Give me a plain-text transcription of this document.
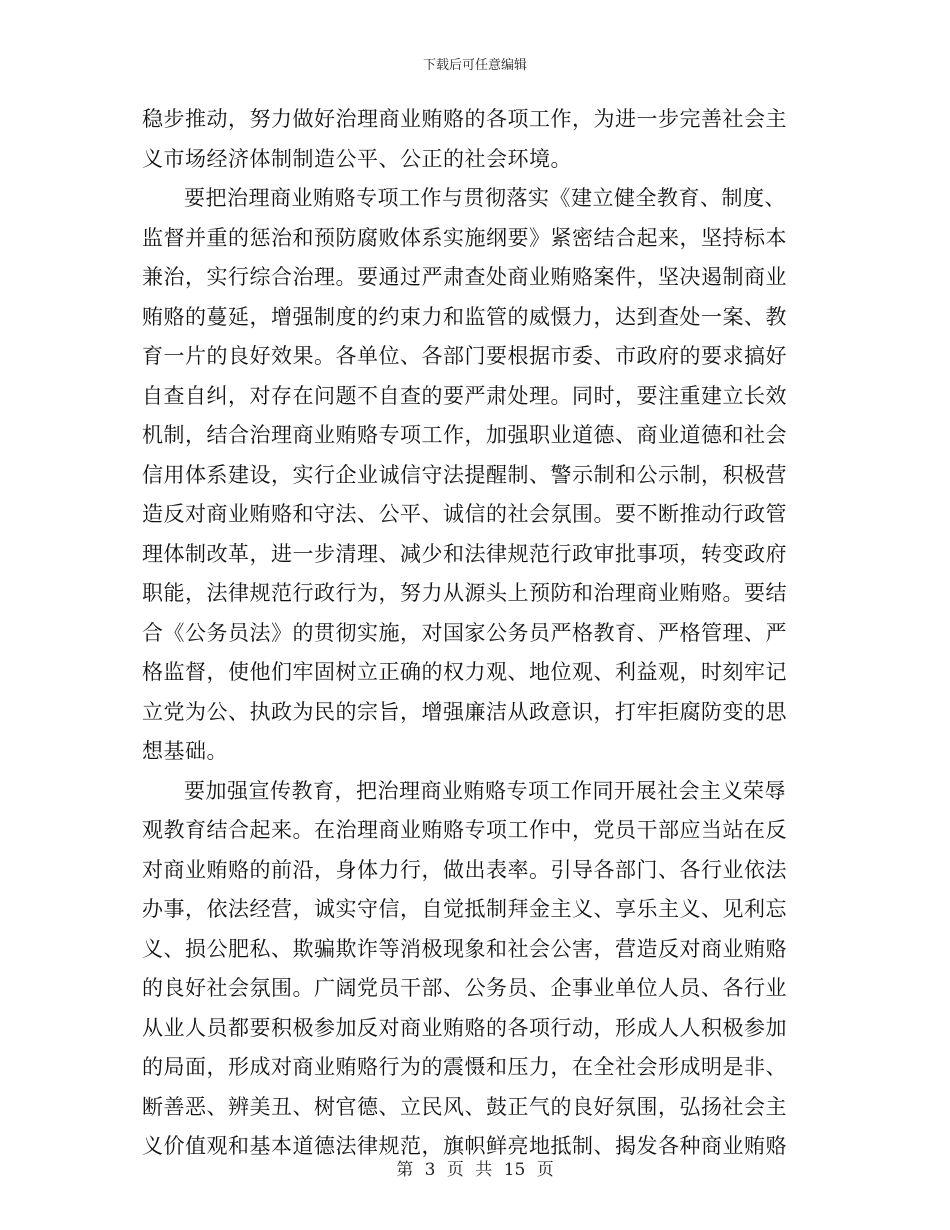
下载后可任意编辑

稳步推动，努力做好治理商业贿赂的各项工作，为进一步完善社会主
义市场经济体制制造公平、公正的社会环境。

要把治理商业贿赂专项工作与贯彻落实《建立健全教育、制度、
监督并重的惩治和预防腐败体系实施纲要》紧密结合起来，坚持标本
兼治，实行综合治理。要通过严肃查处商业贿赂案件，坚决遏制商业
贿赂的蔓延，增强制度的约束力和监管的威慑力，达到查处一案、教
育一片的良好效果。各单位、各部门要根据市委、市政府的要求搞好
自查自纠，对存在问题不自查的要严肃处理。同时，要注重建立长效
机制，结合治理商业贿赂专项工作，加强职业道德、商业道德和社会
信用体系建设，实行企业诚信守法提醒制、警示制和公示制，积极营
造反对商业贿赂和守法、公平、诚信的社会氛围。要不断推动行政管
理体制改革，进一步清理、减少和法律规范行政审批事项，转变政府
职能，法律规范行政行为，努力从源头上预防和治理商业贿赂。要结
合《公务员法》的贯彻实施，对国家公务员严格教育、严格管理、严
格监督，使他们牢固树立正确的权力观、地位观、利益观，时刻牢记
立党为公、执政为民的宗旨，增强廉洁从政意识，打牢拒腐防变的思
想基础。

要加强宣传教育，把治理商业贿赂专项工作同开展社会主义荣辱
观教育结合起来。在治理商业贿赂专项工作中，党员干部应当站在反
对商业贿赂的前沿，身体力行，做出表率。引导各部门、各行业依法
办事，依法经营，诚实守信，自觉抵制拜金主义、享乐主义、见利忘
义、损公肥私、欺骗欺诈等消极现象和社会公害，营造反对商业贿赂
的良好社会氛围。广阔党员干部、公务员、企事业单位人员、各行业
从业人员都要积极参加反对商业贿赂的各项行动，形成人人积极参加
的局面，形成对商业贿赂行为的震慑和压力，在全社会形成明是非、
断善恶、辨美丑、树官德、立民风、鼓正气的良好氛围，弘扬社会主
义价值观和基本道德法律规范，旗帜鲜亮地抵制、揭发各种商业贿赂

第 3 页 共 15 页
